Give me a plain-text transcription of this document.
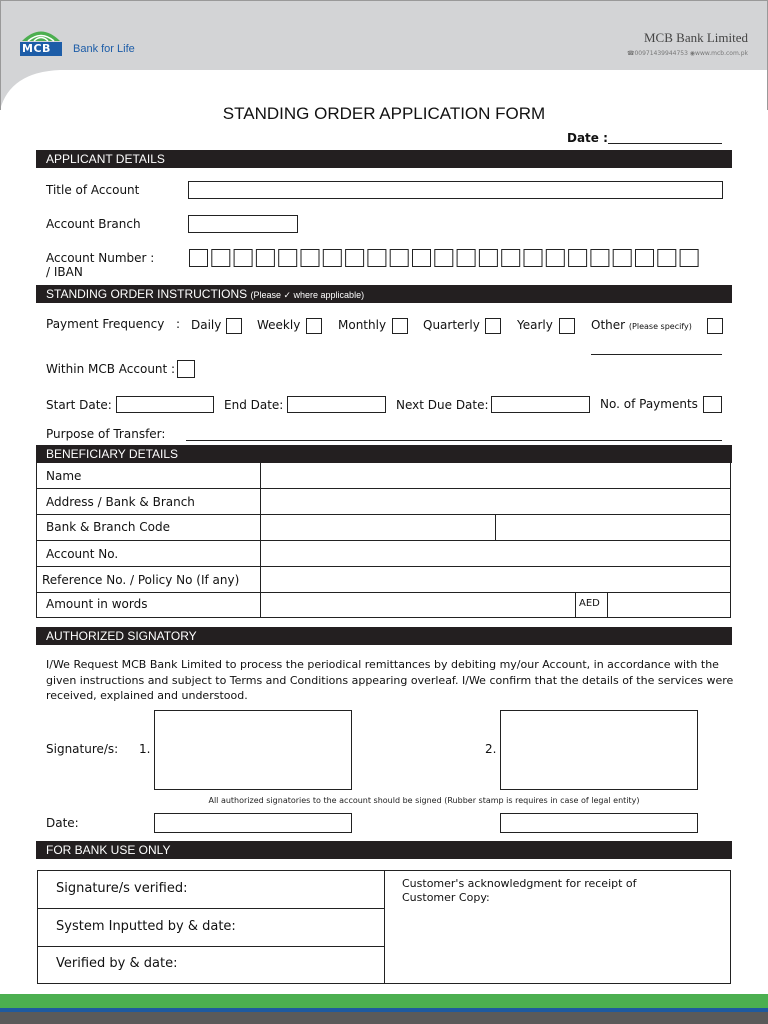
MCB Bank for Life
MCB Bank Limited
☎00971439944753 ◉www.mcb.com.pk
STANDING ORDER APPLICATION FORM
Date :
APPLICANT DETAILS
Title of Account
Account Branch
Account Number :
/ IBAN
STANDING ORDER INSTRUCTIONS (Please ✓ where applicable)
Payment Frequency : Daily	Weekly	Monthly	Quarterly	Yearly	Other (Please specify)
Within MCB Account :
Start Date:	End Date:	Next Due Date:	No. of Payments
Purpose of Transfer:
BENEFICIARY DETAILS
Name
Address / Bank & Branch
Bank & Branch Code
Account No.
Reference No. / Policy No (If any)
Amount in words	AED
AUTHORIZED SIGNATORY
I/We Request MCB Bank Limited to process the periodical remittances by debiting my/our Account, in accordance with the given instructions and subject to Terms and Conditions appearing overleaf. I/We confirm that the details of the services were received, explained and understood.
Signature/s: 1.	2.
All authorized signatories to the account should be signed (Rubber stamp is requires in case of legal entity)
Date:
FOR BANK USE ONLY
Signature/s verified:
System Inputted by & date:
Verified by & date:
Customer's acknowledgment for receipt of Customer Copy:
